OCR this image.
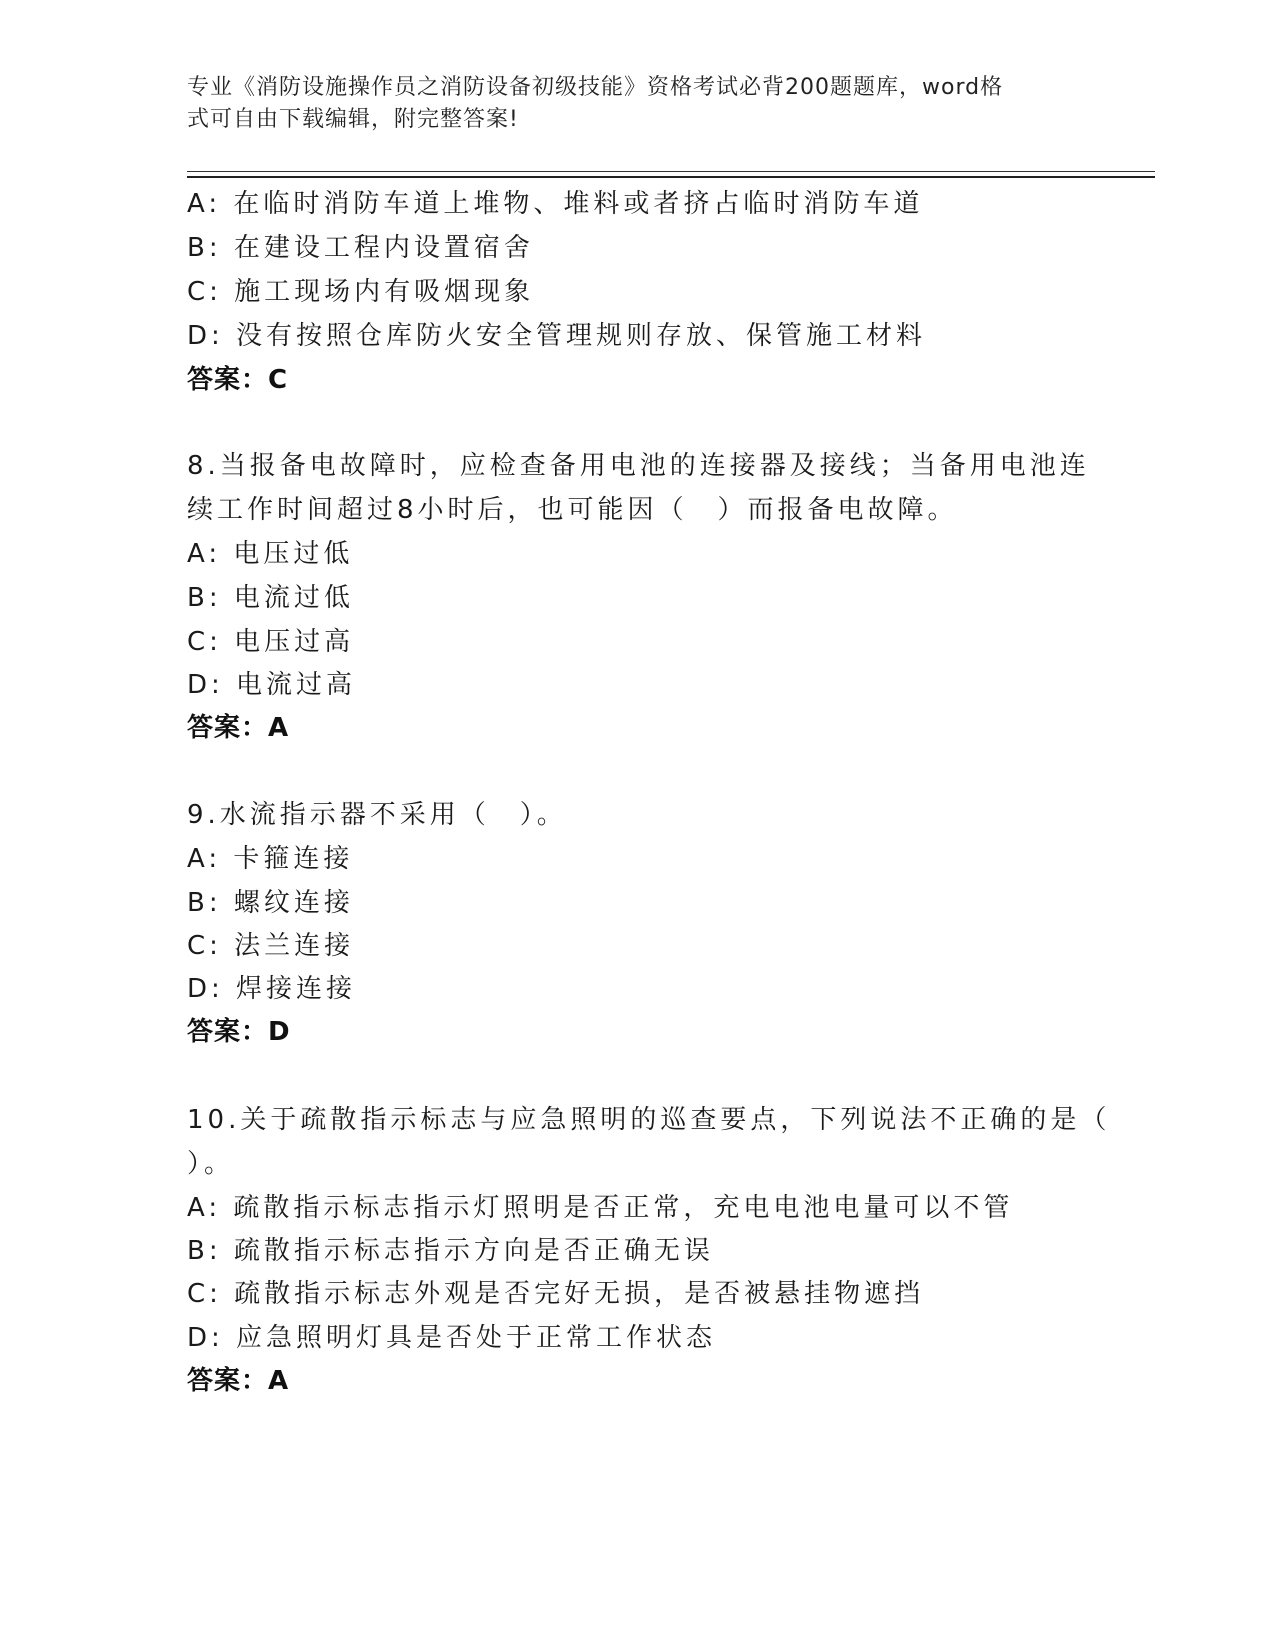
专业《消防设施操作员之消防设备初级技能》资格考试必背200题题库，word格
式可自由下载编辑，附完整答案!
A: 在临时消防车道上堆物、堆料或者挤占临时消防车道
B: 在建设工程内设置宿舍
C: 施工现场内有吸烟现象
D: 没有按照仓库防火安全管理规则存放、保管施工材料
答案：C
8.当报备电故障时，应检查备用电池的连接器及接线；当备用电池连
续工作时间超过8小时后，也可能因（　）而报备电故障。
A: 电压过低
B: 电流过低
C: 电压过高
D: 电流过高
答案：A
9.水流指示器不采用（　）。
A: 卡箍连接
B: 螺纹连接
C: 法兰连接
D: 焊接连接
答案：D
10.关于疏散指示标志与应急照明的巡查要点，下列说法不正确的是（
）。
A: 疏散指示标志指示灯照明是否正常，充电电池电量可以不管
B: 疏散指示标志指示方向是否正确无误
C: 疏散指示标志外观是否完好无损，是否被悬挂物遮挡
D: 应急照明灯具是否处于正常工作状态
答案：A
